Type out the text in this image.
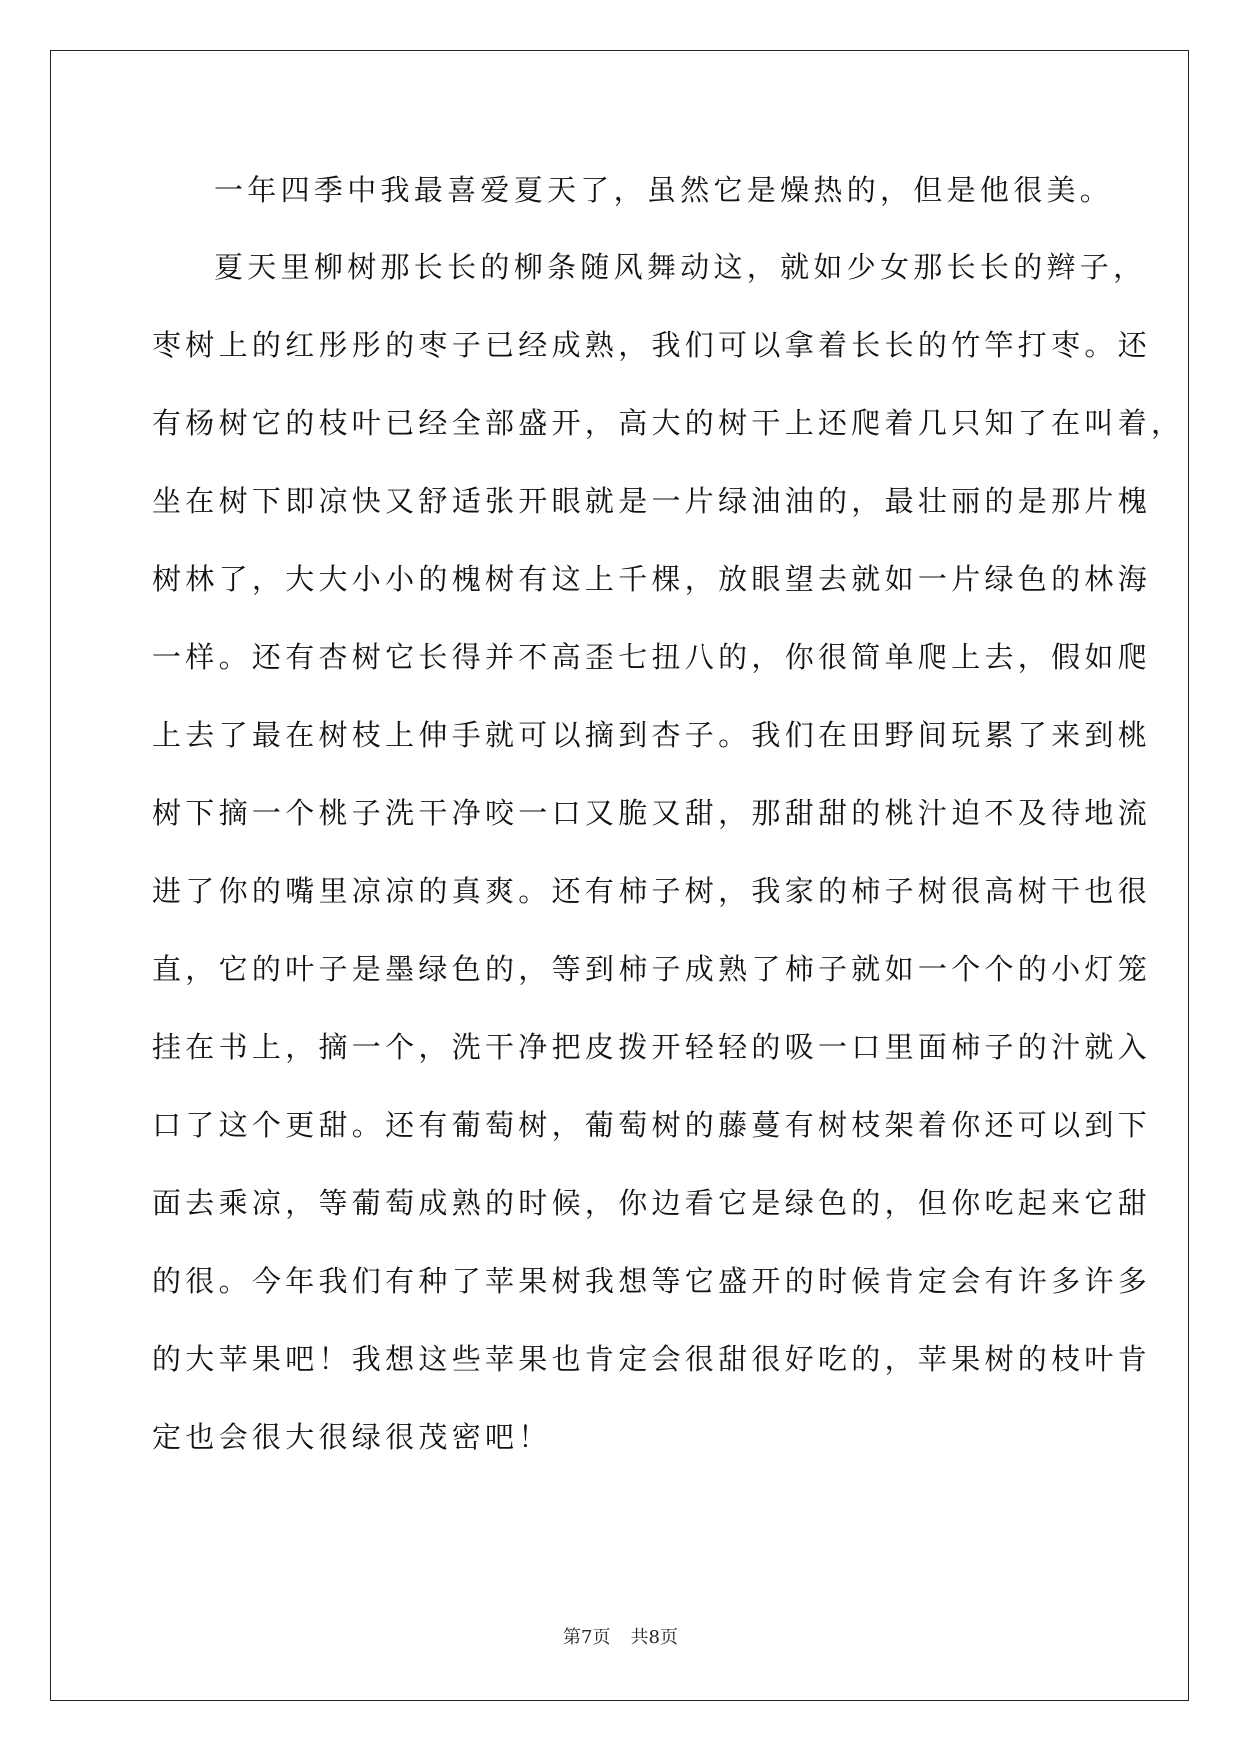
一年四季中我最喜爱夏天了，虽然它是燥热的，但是他很美。
夏天里柳树那长长的柳条随风舞动这，就如少女那长长的辫子，
枣树上的红彤彤的枣子已经成熟，我们可以拿着长长的竹竿打枣。还
有杨树它的枝叶已经全部盛开，高大的树干上还爬着几只知了在叫着，
坐在树下即凉快又舒适张开眼就是一片绿油油的，最壮丽的是那片槐
树林了，大大小小的槐树有这上千棵，放眼望去就如一片绿色的林海
一样。还有杏树它长得并不高歪七扭八的，你很简单爬上去，假如爬
上去了最在树枝上伸手就可以摘到杏子。我们在田野间玩累了来到桃
树下摘一个桃子洗干净咬一口又脆又甜，那甜甜的桃汁迫不及待地流
进了你的嘴里凉凉的真爽。还有柿子树，我家的柿子树很高树干也很
直，它的叶子是墨绿色的，等到柿子成熟了柿子就如一个个的小灯笼
挂在书上，摘一个，洗干净把皮拨开轻轻的吸一口里面柿子的汁就入
口了这个更甜。还有葡萄树，葡萄树的藤蔓有树枝架着你还可以到下
面去乘凉，等葡萄成熟的时候，你边看它是绿色的，但你吃起来它甜
的很。今年我们有种了苹果树我想等它盛开的时候肯定会有许多许多
的大苹果吧！我想这些苹果也肯定会很甜很好吃的，苹果树的枝叶肯
定也会很大很绿很茂密吧！
第7页 共8页
